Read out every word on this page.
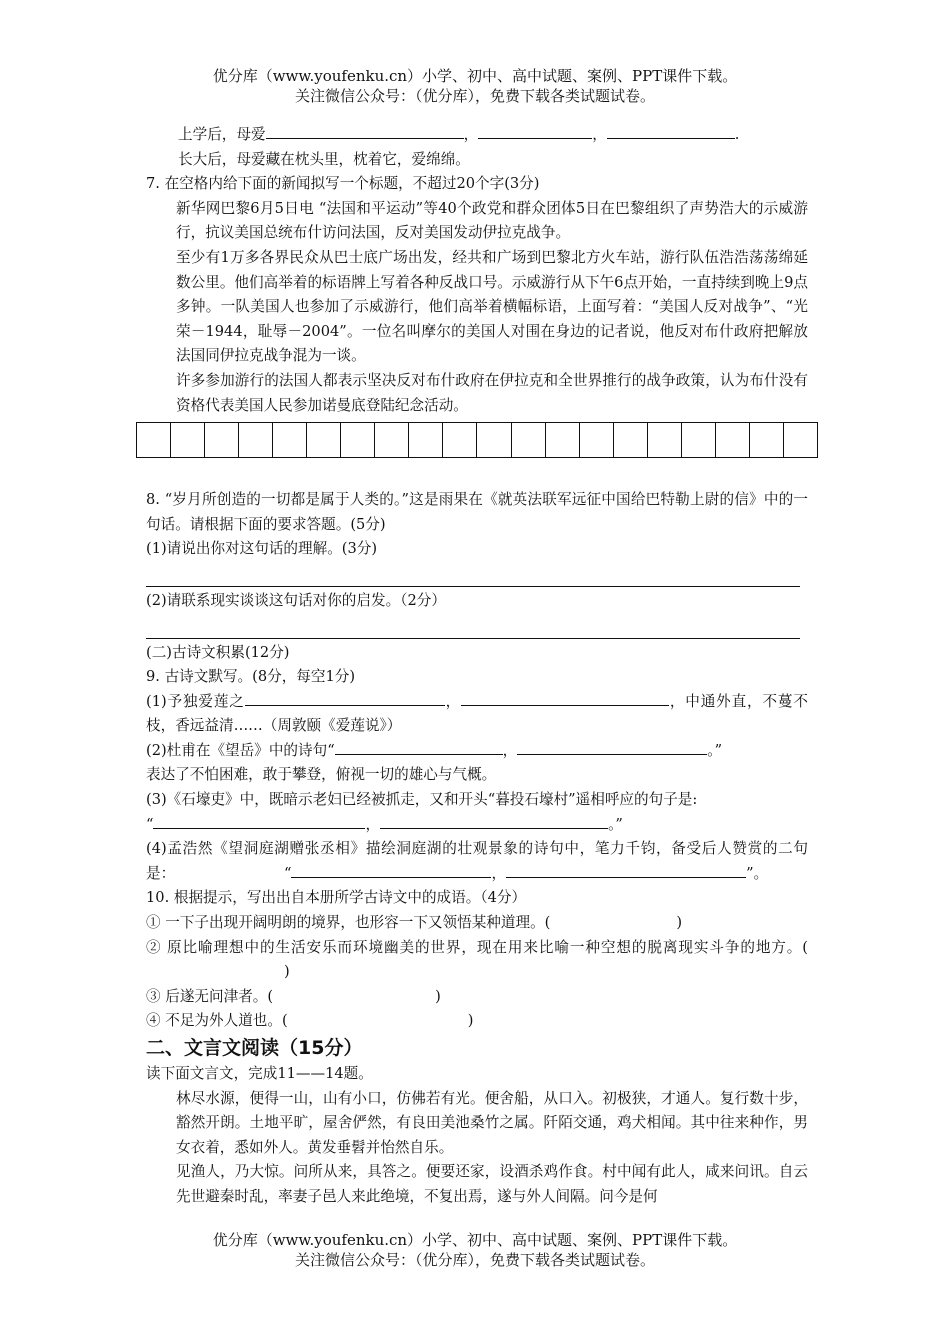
优分库（www.youfenku.cn）小学、初中、高中试题、案例、PPT课件下载。
关注微信公众号：（优分库），免费下载各类试题试卷。

上学后，母爱	，	，	.

长大后，母爱藏在枕头里，枕着它，爱绵绵。

7. 在空格内给下面的新闻拟写一个标题，不超过20个字(3分)

新华网巴黎6月5日电 “法国和平运动”等40个政党和群众团体5日在巴黎组织了声势浩大的示威游行，抗议美国总统布什访问法国，反对美国发动伊拉克战争。

至少有1万多各界民众从巴士底广场出发，经共和广场到巴黎北方火车站，游行队伍浩浩荡荡绵延数公里。他们高举着的标语牌上写着各种反战口号。示威游行从下午6点开始，一直持续到晚上9点多钟。一队美国人也参加了示威游行，他们高举着横幅标语，上面写着：“美国人反对战争”、“光荣－1944，耻辱－2004”。一位名叫摩尔的美国人对围在身边的记者说，他反对布什政府把解放法国同伊拉克战争混为一谈。

许多参加游行的法国人都表示坚决反对布什政府在伊拉克和全世界推行的战争政策，认为布什没有资格代表美国人民参加诺曼底登陆纪念活动。

8. “岁月所创造的一切都是属于人类的。”这是雨果在《就英法联军远征中国给巴特勒上尉的信》中的一句话。请根据下面的要求答题。(5分)

(1)请说出你对这句话的理解。(3分)

(2)请联系现实谈谈这句话对你的启发。（2分）

(二)古诗文积累(12分)

9. 古诗文默写。(8分，每空1分)

(1)予独爱莲之	，	，中通外直，不蔓不枝，香远益清……（周敦颐《爱莲说》）

(2)杜甫在《望岳》中的诗句“	，	。”

表达了不怕困难，敢于攀登，俯视一切的雄心与气概。

(3)《石壕吏》中，既暗示老妇已经被抓走，又和开头“暮投石壕村”遥相呼应的句子是:

“	，	。”

(4)孟浩然《望洞庭湖赠张丞相》描绘洞庭湖的壮观景象的诗句中，笔力千钧，备受后人赞赏的二句是：	“	，	”。

10. 根据提示，写出出自本册所学古诗文中的成语。（4分）

① 一下子出现开阔明朗的境界，也形容一下又领悟某种道理。(	)

② 原比喻理想中的生活安乐而环境幽美的世界，现在用来比喻一种空想的脱离现实斗争的地方。()

③ 后遂无问津者。(	)

④ 不足为外人道也。(	)

二、文言文阅读（15分）

读下面文言文，完成11——14题。

林尽水源，便得一山，山有小口，仿佛若有光。便舍船，从口入。初极狭，才通人。复行数十步，豁然开朗。土地平旷，屋舍俨然，有良田美池桑竹之属。阡陌交通，鸡犬相闻。其中往来种作，男女衣着，悉如外人。黄发垂髫并怡然自乐。

见渔人，乃大惊。问所从来，具答之。便要还家，设酒杀鸡作食。村中闻有此人，咸来问讯。自云先世避秦时乱，率妻子邑人来此绝境，不复出焉，遂与外人间隔。问今是何

优分库（www.youfenku.cn）小学、初中、高中试题、案例、PPT课件下载。
关注微信公众号：（优分库），免费下载各类试题试卷。
